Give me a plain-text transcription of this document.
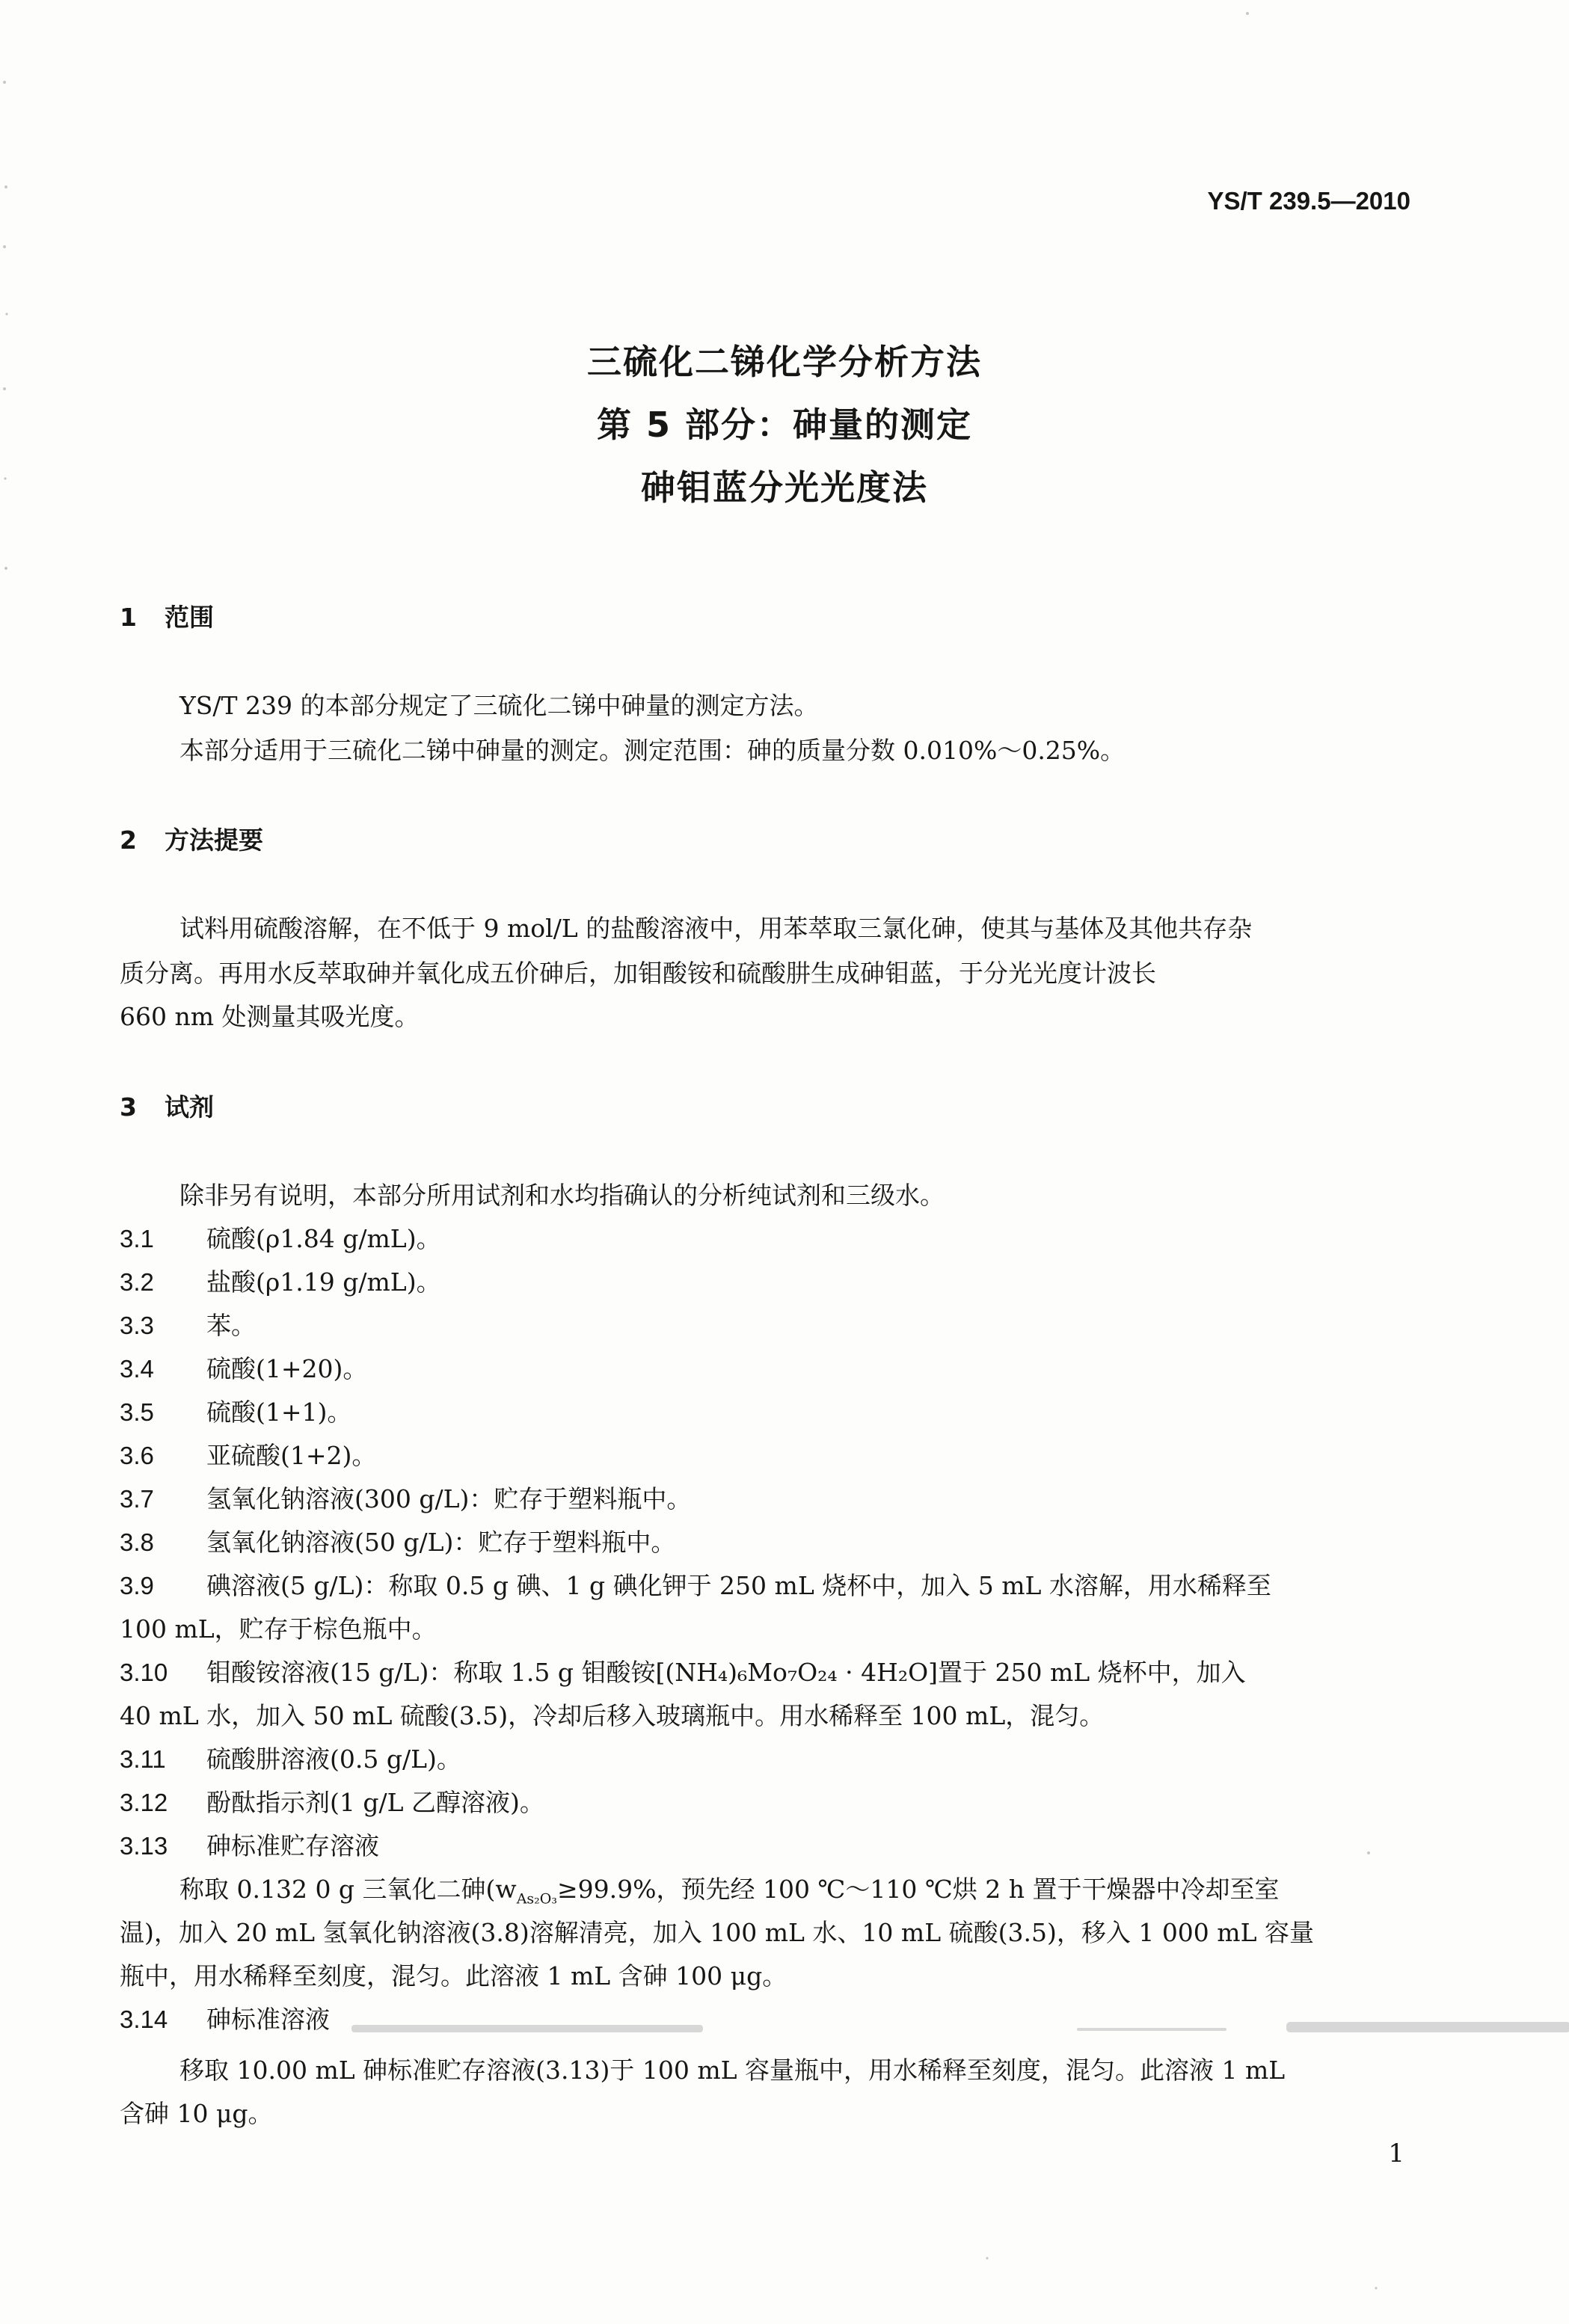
YS/T 239.5—2010
三硫化二锑化学分析方法
第 5 部分：砷量的测定
砷钼蓝分光光度法
1 范围
YS/T 239 的本部分规定了三硫化二锑中砷量的测定方法。
本部分适用于三硫化二锑中砷量的测定。测定范围：砷的质量分数 0.010%～0.25%。
2 方法提要
试料用硫酸溶解，在不低于 9 mol/L 的盐酸溶液中，用苯萃取三氯化砷，使其与基体及其他共存杂
质分离。再用水反萃取砷并氧化成五价砷后，加钼酸铵和硫酸肼生成砷钼蓝，于分光光度计波长
660 nm 处测量其吸光度。
3 试剂
除非另有说明，本部分所用试剂和水均指确认的分析纯试剂和三级水。
3.1 硫酸(ρ1.84 g/mL)。
3.2 盐酸(ρ1.19 g/mL)。
3.3 苯。
3.4 硫酸(1+20)。
3.5 硫酸(1+1)。
3.6 亚硫酸(1+2)。
3.7 氢氧化钠溶液(300 g/L)：贮存于塑料瓶中。
3.8 氢氧化钠溶液(50 g/L)：贮存于塑料瓶中。
3.9 碘溶液(5 g/L)：称取 0.5 g 碘、1 g 碘化钾于 250 mL 烧杯中，加入 5 mL 水溶解，用水稀释至
100 mL，贮存于棕色瓶中。
3.10 钼酸铵溶液(15 g/L)：称取 1.5 g 钼酸铵[(NH₄)₆Mo₇O₂₄ · 4H₂O]置于 250 mL 烧杯中，加入
40 mL 水，加入 50 mL 硫酸(3.5)，冷却后移入玻璃瓶中。用水稀释至 100 mL，混匀。
3.11 硫酸肼溶液(0.5 g/L)。
3.12 酚酞指示剂(1 g/L 乙醇溶液)。
3.13 砷标准贮存溶液
称取 0.132 0 g 三氧化二砷($w_{As_2O_3}\ge 99.9\%$，预先经 100 ℃～110 ℃烘 2 h 置于干燥器中冷却至室
温)，加入 20 mL 氢氧化钠溶液(3.8)溶解清亮，加入 100 mL 水、10 mL 硫酸(3.5)，移入 1 000 mL 容量
瓶中，用水稀释至刻度，混匀。此溶液 1 mL 含砷 100 μg。
3.14 砷标准溶液
移取 10.00 mL 砷标准贮存溶液(3.13)于 100 mL 容量瓶中，用水稀释至刻度，混匀。此溶液 1 mL
含砷 10 μg。
1
